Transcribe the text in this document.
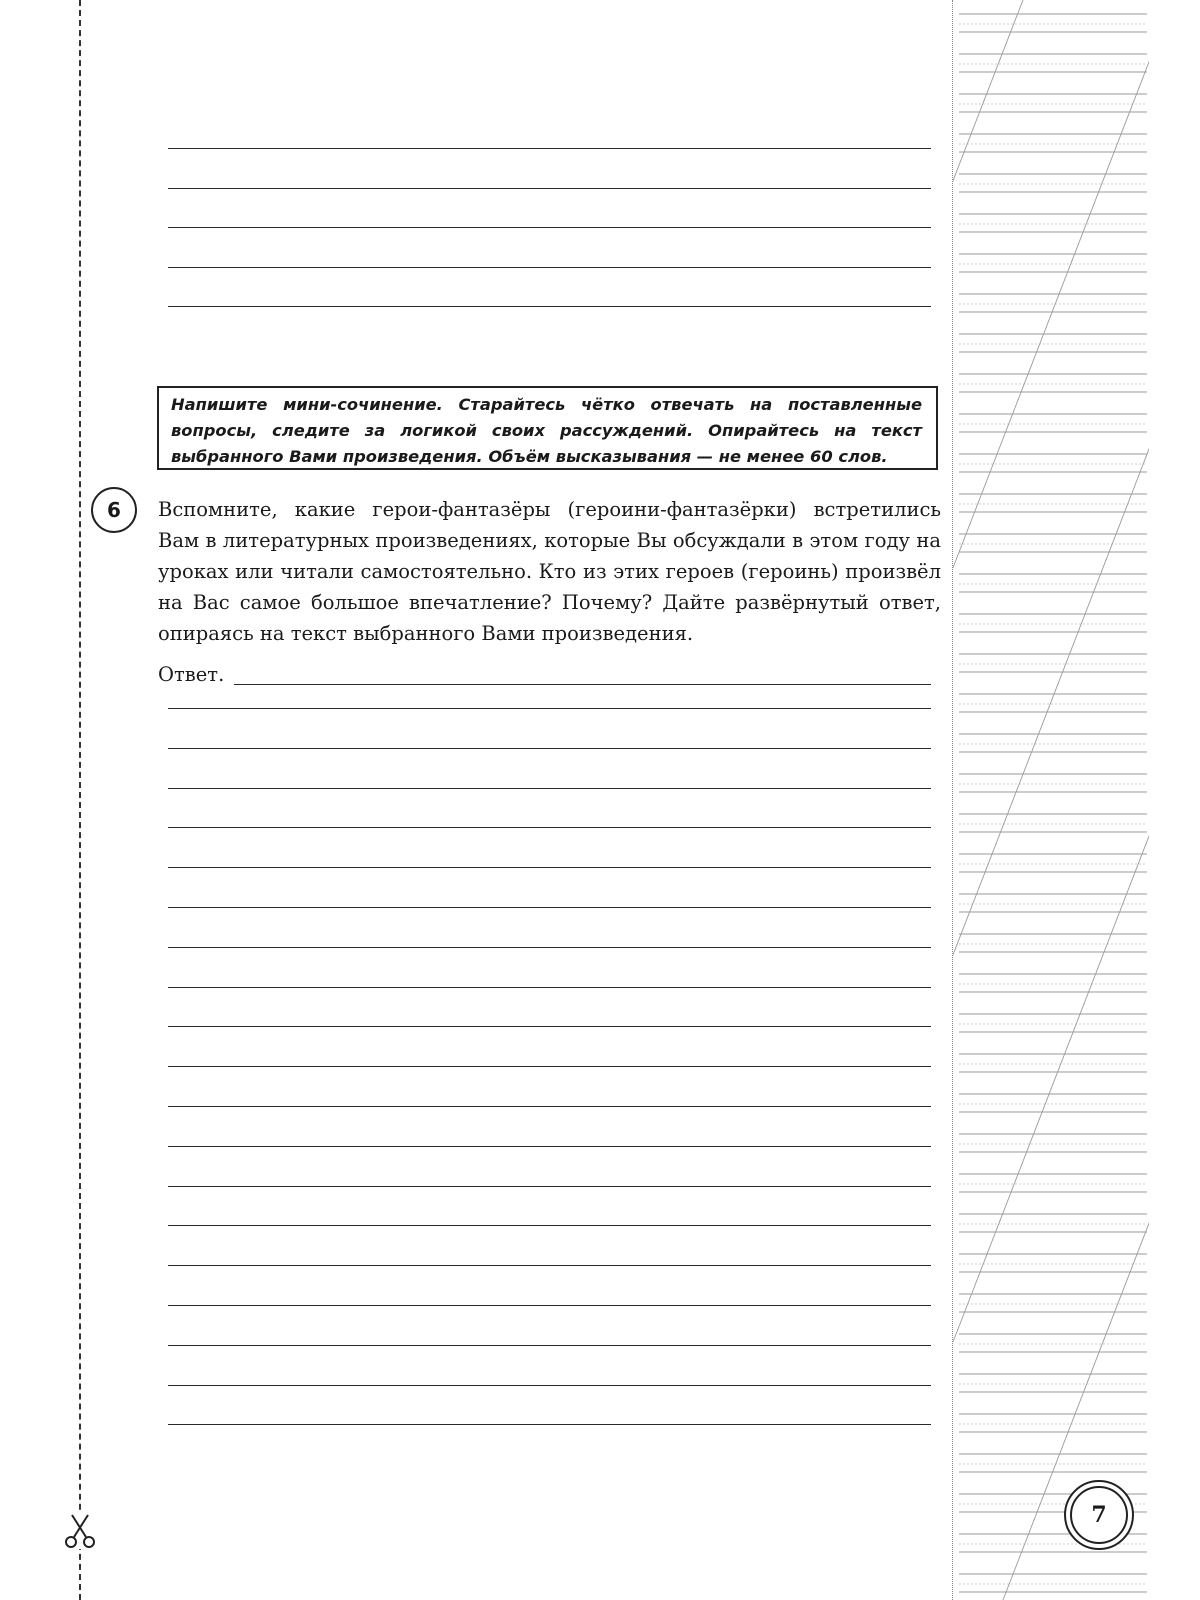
Напишите мини-сочинение. Старайтесь чётко отвечать на поставленные вопросы, следите за логикой своих рассуждений. Опирайтесь на текст выбранного Вами произведения. Объём высказывания — не менее 60 слов.
6 Вспомните, какие герои-фантазёры (героини-фантазёрки) встретились Вам в литературных произведениях, которые Вы обсуждали в этом году на уроках или читали самостоятельно. Кто из этих героев (героинь) произвёл на Вас самое большое впечатление? Почему? Дайте развёрнутый ответ, опираясь на текст выбранного Вами произведения.
Ответ.
7
